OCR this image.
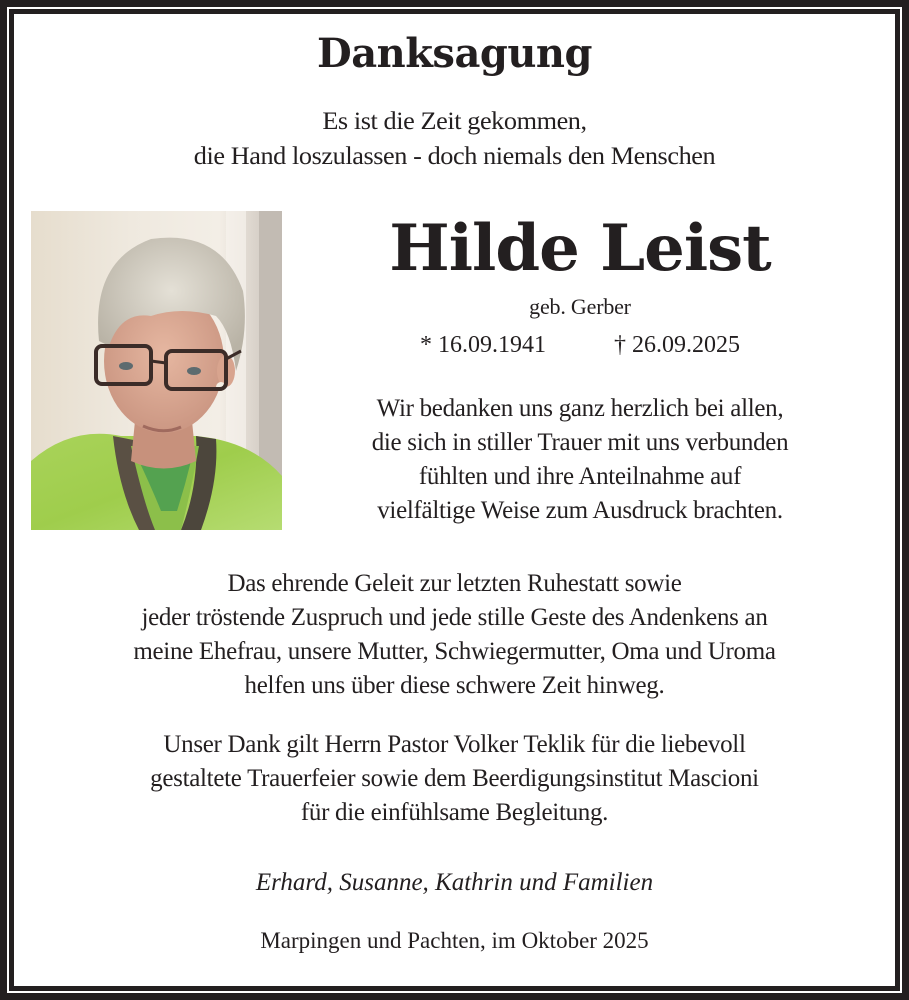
Danksagung
Es ist die Zeit gekommen,
die Hand loszulassen - doch niemals den Menschen
Hilde Leist
geb. Gerber
* 16.09.1941	† 26.09.2025
Wir bedanken uns ganz herzlich bei allen,
die sich in stiller Trauer mit uns verbunden
fühlten und ihre Anteilnahme auf
vielfältige Weise zum Ausdruck brachten.
Das ehrende Geleit zur letzten Ruhestatt sowie
jeder tröstende Zuspruch und jede stille Geste des Andenkens an
meine Ehefrau, unsere Mutter, Schwiegermutter, Oma und Uroma
helfen uns über diese schwere Zeit hinweg.
Unser Dank gilt Herrn Pastor Volker Teklik für die liebevoll
gestaltete Trauerfeier sowie dem Beerdigungsinstitut Mascioni
für die einfühlsame Begleitung.
Erhard, Susanne, Kathrin und Familien
Marpingen und Pachten, im Oktober 2025
